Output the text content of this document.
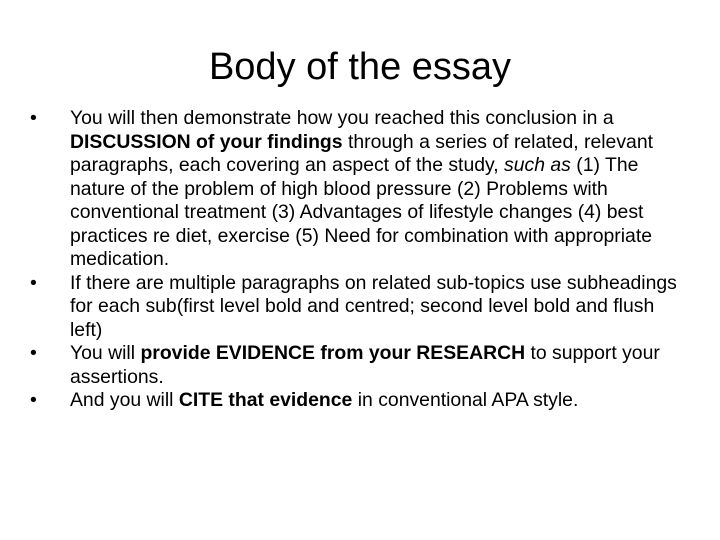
Body of the essay
•	You will then demonstrate how you reached this conclusion in a DISCUSSION of your findings through a series of related, relevant paragraphs, each covering an aspect of the study, such as (1) The nature of the problem of high blood pressure (2) Problems with conventional treatment (3) Advantages of lifestyle changes (4) best practices re diet, exercise (5) Need for combination with appropriate medication.
•	If there are multiple paragraphs on related sub-topics use subheadings for each sub(first level bold and centred; second level bold and flush left)
•	You will provide EVIDENCE from your RESEARCH to support your assertions.
•	And you will CITE that evidence in conventional APA style.
